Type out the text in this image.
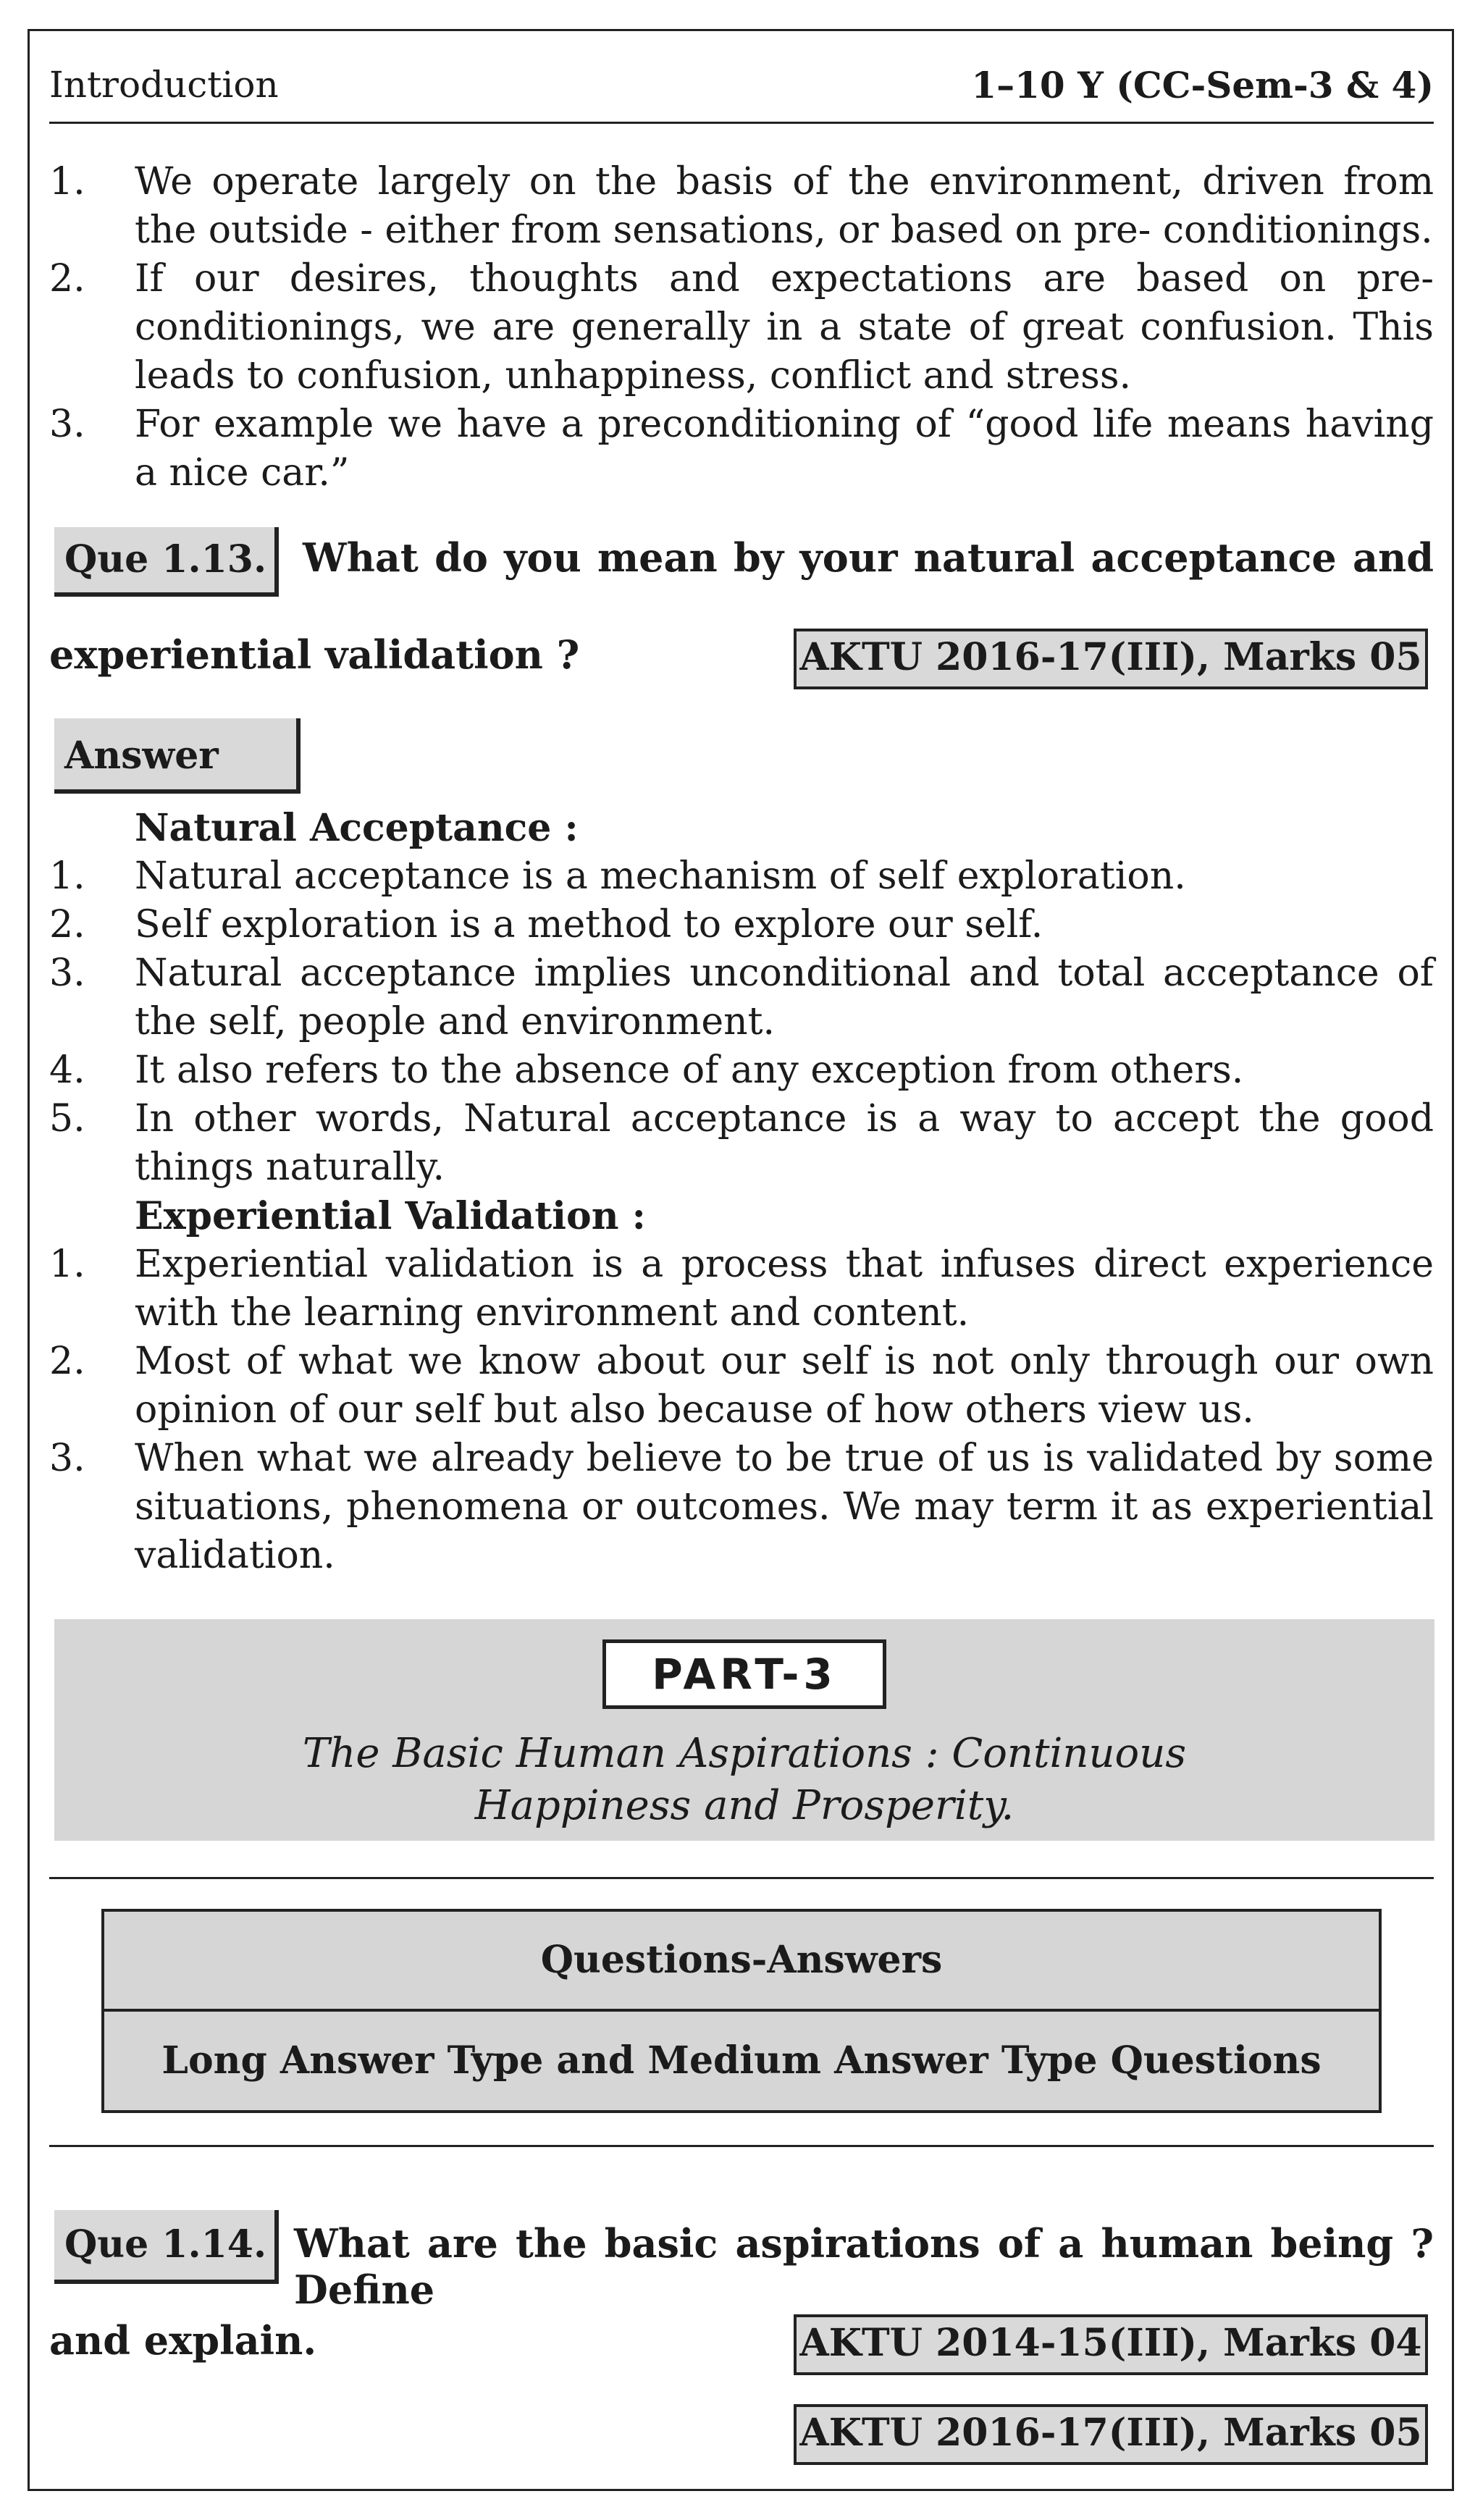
Introduction	1–10 Y (CC-Sem-3 & 4)
1. We operate largely on the basis of the environment, driven from the outside - either from sensations, or based on pre- conditionings.
2. If our desires, thoughts and expectations are based on pre-conditionings, we are generally in a state of great confusion. This leads to confusion, unhappiness, conflict and stress.
3. For example we have a preconditioning of “good life means having a nice car.”
Que 1.13. What do you mean by your natural acceptance and
experiential validation ?	AKTU 2016-17(III), Marks 05
Answer
Natural Acceptance :
1. Natural acceptance is a mechanism of self exploration.
2. Self exploration is a method to explore our self.
3. Natural acceptance implies unconditional and total acceptance of the self, people and environment.
4. It also refers to the absence of any exception from others.
5. In other words, Natural acceptance is a way to accept the good things naturally.
Experiential Validation :
1. Experiential validation is a process that infuses direct experience with the learning environment and content.
2. Most of what we know about our self is not only through our own opinion of our self but also because of how others view us.
3. When what we already believe to be true of us is validated by some situations, phenomena or outcomes. We may term it as experiential validation.
PART-3
The Basic Human Aspirations : Continuous
Happiness and Prosperity.
Questions-Answers
Long Answer Type and Medium Answer Type Questions
Que 1.14. What are the basic aspirations of a human being ? Define
and explain.	AKTU 2014-15(III), Marks 04
AKTU 2016-17(III), Marks 05
